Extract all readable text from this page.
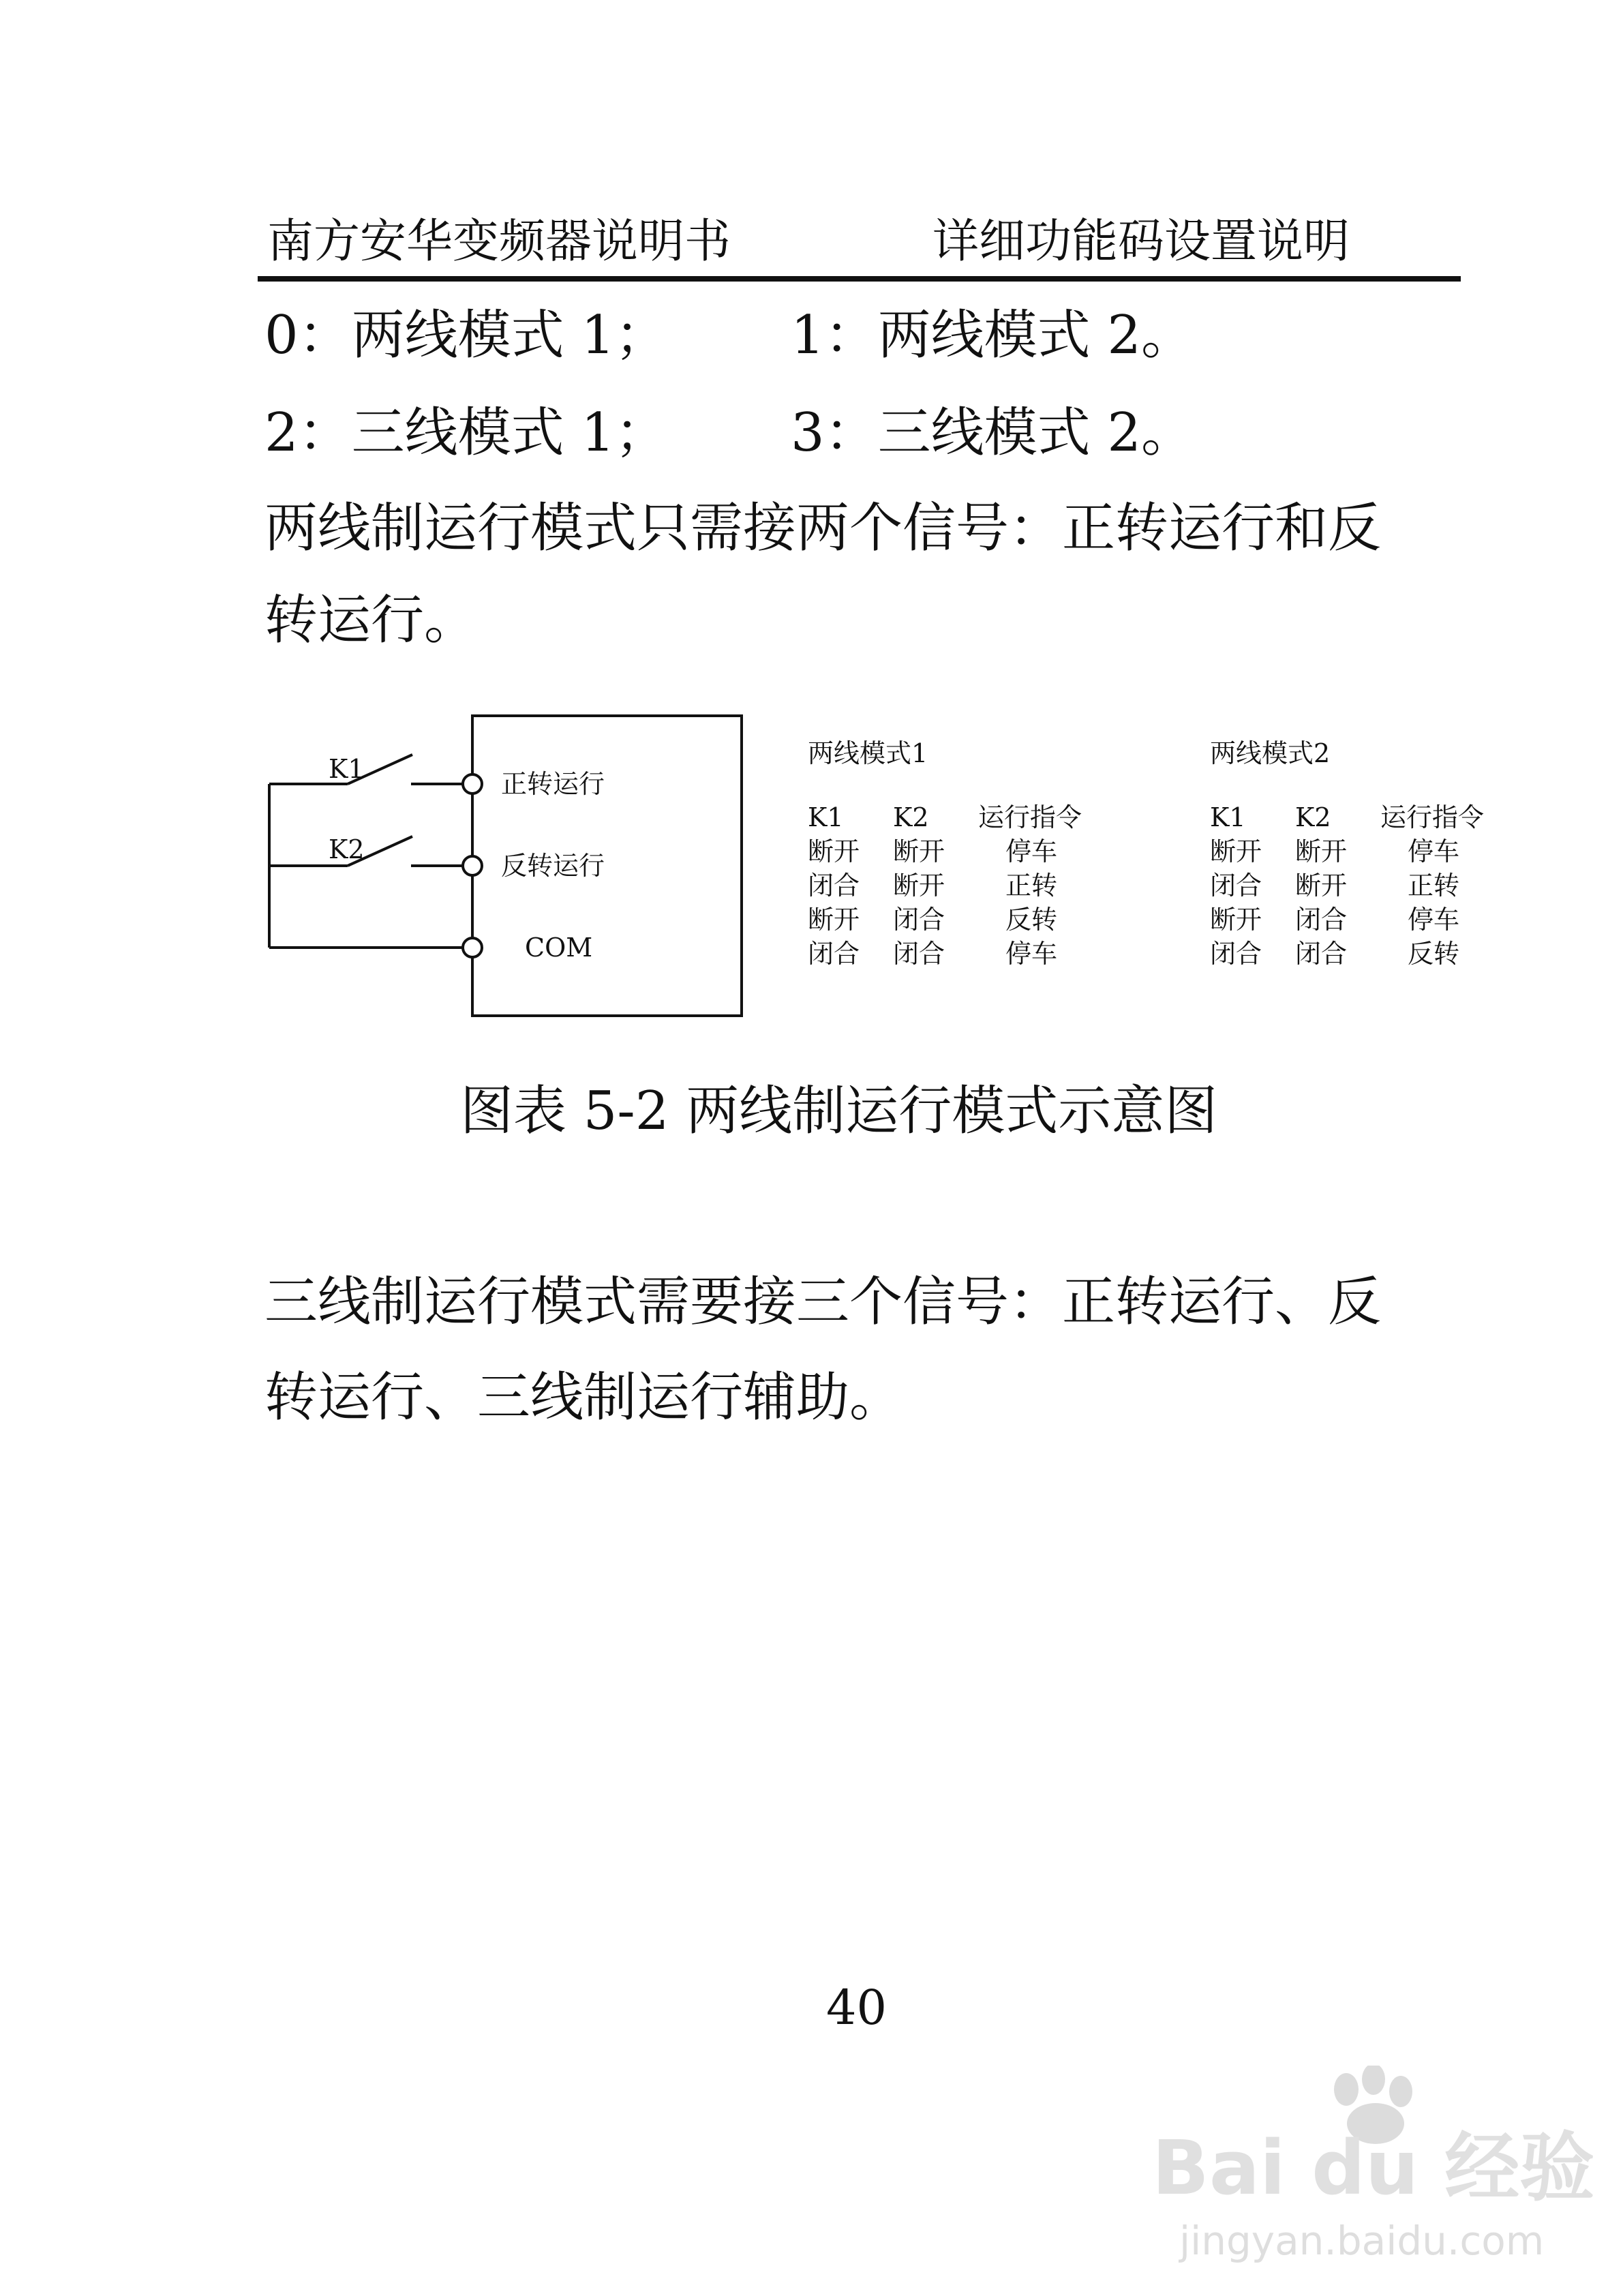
南方安华变频器说明书	详细功能码设置说明
0：两线模式 1； 1：两线模式 2。
2：三线模式 1； 3：三线模式 2。
两线制运行模式只需接两个信号：正转运行和反
转运行。
K1
K2
正转运行
反转运行
COM
两线模式1
K1	K2	运行指令
断开	断开	停车
闭合	断开	正转
断开	闭合	反转
闭合	闭合	停车
两线模式2
K1	K2	运行指令
断开	断开	停车
闭合	断开	正转
断开	闭合	停车
闭合	闭合	反转
图表 5-2 两线制运行模式示意图
三线制运行模式需要接三个信号：正转运行、反
转运行、三线制运行辅助。
40
Bai du 经验
jingyan.baidu.com
